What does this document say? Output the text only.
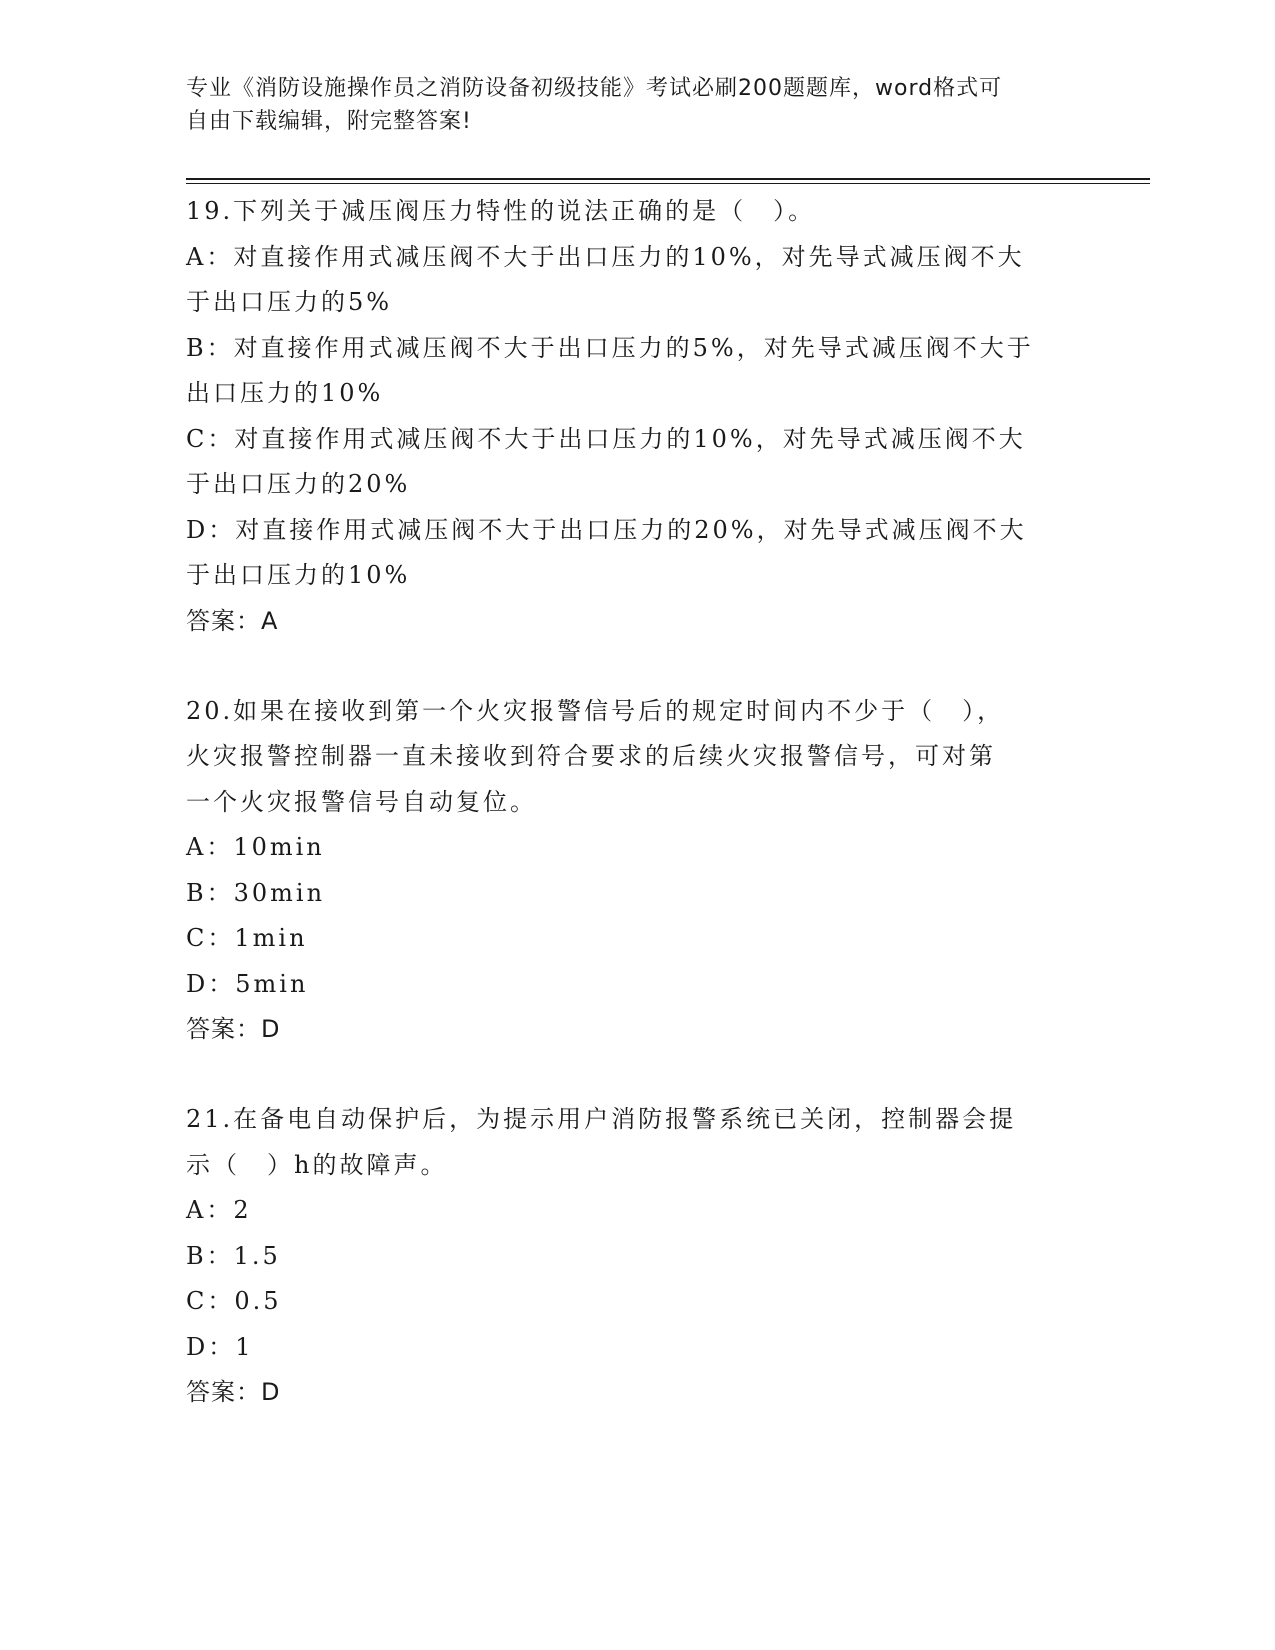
专业《消防设施操作员之消防设备初级技能》考试必刷200题题库，word格式可
自由下载编辑，附完整答案!

19.下列关于减压阀压力特性的说法正确的是（　）。

A：对直接作用式减压阀不大于出口压力的10%，对先导式减压阀不大

于出口压力的5%

B：对直接作用式减压阀不大于出口压力的5%，对先导式减压阀不大于

出口压力的10%

C：对直接作用式减压阀不大于出口压力的10%，对先导式减压阀不大

于出口压力的20%

D：对直接作用式减压阀不大于出口压力的20%，对先导式减压阀不大

于出口压力的10%

答案：A

20.如果在接收到第一个火灾报警信号后的规定时间内不少于（　），

火灾报警控制器一直未接收到符合要求的后续火灾报警信号，可对第

一个火灾报警信号自动复位。

A：10min

B：30min

C：1min

D：5min

答案：D

21.在备电自动保护后，为提示用户消防报警系统已关闭，控制器会提

示（　）h的故障声。

A：2

B：1.5

C：0.5

D：1

答案：D
